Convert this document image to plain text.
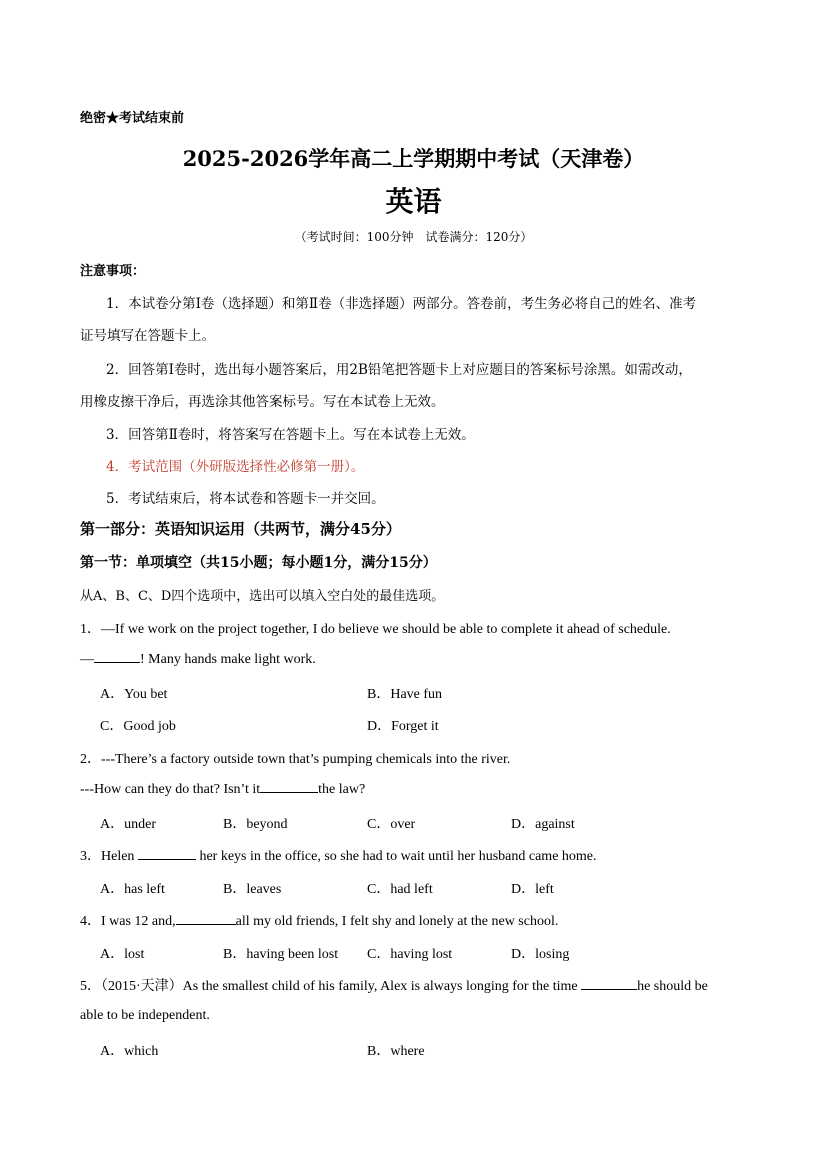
绝密★考试结束前
2025-2026学年高二上学期期中考试（天津卷）
英语
（考试时间：100分钟　试卷满分：120分）
注意事项：
1．本试卷分第Ⅰ卷（选择题）和第Ⅱ卷（非选择题）两部分。答卷前，考生务必将自己的姓名、准考
证号填写在答题卡上。
2．回答第Ⅰ卷时，选出每小题答案后，用2B铅笔把答题卡上对应题目的答案标号涂黑。如需改动，
用橡皮擦干净后，再选涂其他答案标号。写在本试卷上无效。
3．回答第Ⅱ卷时，将答案写在答题卡上。写在本试卷上无效。
4．考试范围（外研版选择性必修第一册）。
5．考试结束后，将本试卷和答题卡一并交回。
第一部分：英语知识运用（共两节，满分45分）
第一节：单项填空（共15小题；每小题1分，满分15分）
从A、B、C、D四个选项中，选出可以填入空白处的最佳选项。
1．—If we work on the project together, I do believe we should be able to complete it ahead of schedule.
—	! Many hands make light work.
A．You bet	B．Have fun
C．Good job	D．Forget it
2．---There’s a factory outside town that’s pumping chemicals into the river.
---How can they do that? Isn’t it	the law?
A．under	B．beyond	C．over	D．against
3．Helen	her keys in the office, so she had to wait until her husband came home.
A．has left	B．leaves	C．had left	D．left
4．I was 12 and,	all my old friends, I felt shy and lonely at the new school.
A．lost	B．having been lost C．having lost	D．losing
5．（2015·天津）As the smallest child of his family, Alex is always longing for the time	he should be
able to be independent.
A．which	B．where
